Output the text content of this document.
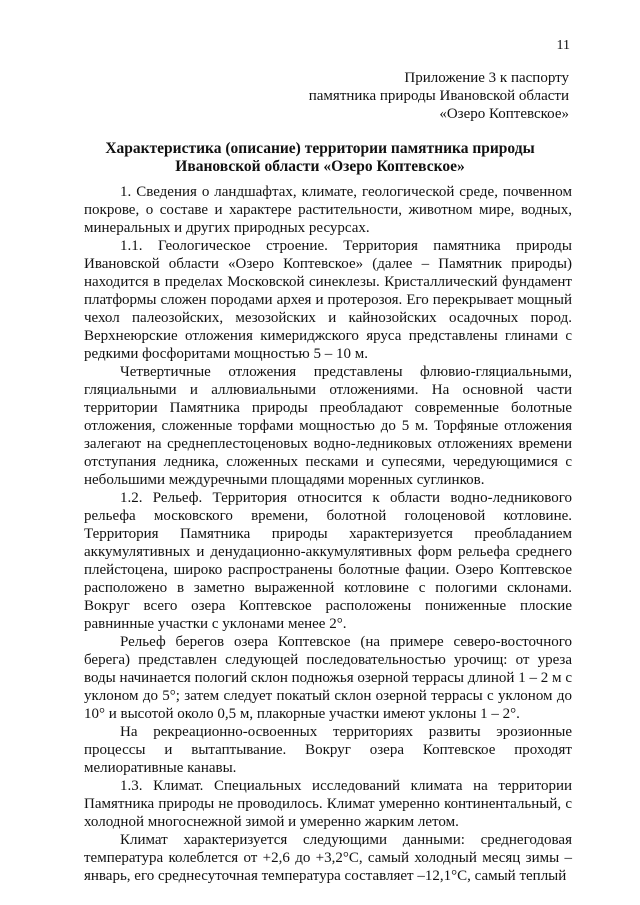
11
Приложение 3 к паспорту
памятника природы Ивановской области
«Озеро Коптевское»
Характеристика (описание) территории памятника природы
Ивановской области «Озеро Коптевское»

1. Сведения о ландшафтах, климате, геологической среде, почвенном покрове, о составе и характере растительности, животном мире, водных, минеральных и других природных ресурсах.

1.1. Геологическое строение. Территория памятника природы Ивановской области «Озеро Коптевское» (далее – Памятник природы) находится в пределах Московской синеклезы. Кристаллический фундамент платформы сложен породами архея и протерозоя. Его перекрывает мощный чехол палеозойских, мезозойских и кайнозойских осадочных пород. Верхнеюрские отложения кимериджского яруса представлены глинами с редкими фосфоритами мощностью 5 – 10 м.

Четвертичные отложения представлены флювио-гляциальными, гляциальными и аллювиальными отложениями. На основной части территории Памятника природы преобладают современные болотные отложения, сложенные торфами мощностью до 5 м. Торфяные отложения залегают на среднеплестоценовых водно-ледниковых отложениях времени отступания ледника, сложенных песками и супесями, чередующимися с небольшими междуречными площадями моренных суглинков.

1.2. Рельеф. Территория относится к области водно-ледникового рельефа московского времени, болотной голоценовой котловине. Территория Памятника природы характеризуется преобладанием аккумулятивных и денудационно-аккумулятивных форм рельефа среднего плейстоцена, широко распространены болотные фации. Озеро Коптевское расположено в заметно выраженной котловине с пологими склонами. Вокруг всего озера Коптевское расположены пониженные плоские равнинные участки с уклонами менее 2°.

Рельеф берегов озера Коптевское (на примере северо-восточного берега) представлен следующей последовательностью урочищ: от уреза воды начинается пологий склон подножья озерной террасы длиной 1 – 2 м с уклоном до 5°; затем следует покатый склон озерной террасы с уклоном до 10° и высотой около 0,5 м, плакорные участки имеют уклоны 1 – 2°.

На рекреационно-освоенных территориях развиты эрозионные процессы и вытаптывание. Вокруг озера Коптевское проходят мелиоративные канавы.

1.3. Климат. Специальных исследований климата на территории Памятника природы не проводилось. Климат умеренно континентальный, с холодной многоснежной зимой и умеренно жарким летом.

Климат характеризуется следующими данными: среднегодовая температура колеблется от +2,6 до +3,2°С, самый холодный месяц зимы – январь, его среднесуточная температура составляет –12,1°С, самый теплый
